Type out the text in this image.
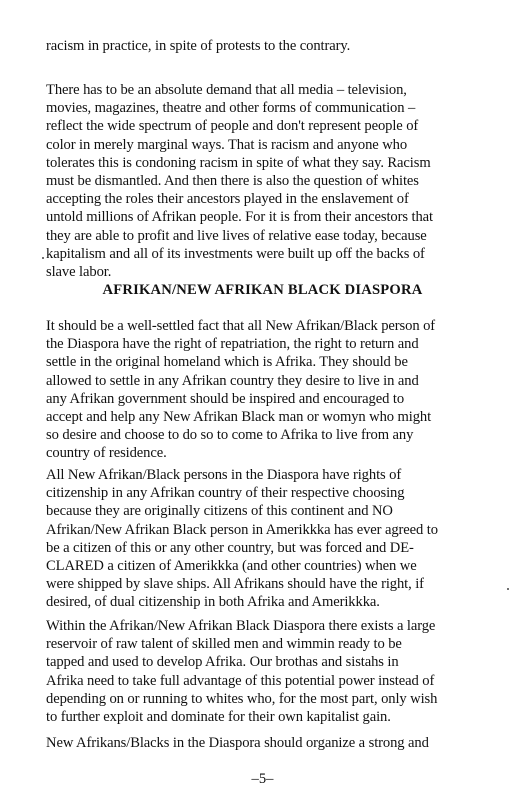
racism in practice, in spite of protests to the contrary.

There has to be an absolute demand that all media – television,
movies, magazines, theatre and other forms of communication –
reflect the wide spectrum of people and don't represent people of
color in merely marginal ways. That is racism and anyone who
tolerates this is condoning racism in spite of what they say. Racism
must be dismantled. And then there is also the question of whites
accepting the roles their ancestors played in the enslavement of
untold millions of Afrikan people. For it is from their ancestors that
they are able to profit and live lives of relative ease today, because
kapitalism and all of its investments were built up off the backs of
slave labor.

AFRIKAN/NEW AFRIKAN BLACK DIASPORA

It should be a well-settled fact that all New Afrikan/Black person of
the Diaspora have the right of repatriation, the right to return and
settle in the original homeland which is Afrika. They should be
allowed to settle in any Afrikan country they desire to live in and
any Afrikan government should be inspired and encouraged to
accept and help any New Afrikan Black man or womyn who might
so desire and choose to do so to come to Afrika to live from any
country of residence.

All New Afrikan/Black persons in the Diaspora have rights of
citizenship in any Afrikan country of their respective choosing
because they are originally citizens of this continent and NO
Afrikan/New Afrikan Black person in Amerikkka has ever agreed to
be a citizen of this or any other country, but was forced and DE-
CLARED a citizen of Amerikkka (and other countries) when we
were shipped by slave ships. All Afrikans should have the right, if
desired, of dual citizenship in both Afrika and Amerikkka.

Within the Afrikan/New Afrikan Black Diaspora there exists a large
reservoir of raw talent of skilled men and wimmin ready to be
tapped and used to develop Afrika. Our brothas and sistahs in
Afrika need to take full advantage of this potential power instead of
depending on or running to whites who, for the most part, only wish
to further exploit and dominate for their own kapitalist gain.

New Afrikans/Blacks in the Diaspora should organize a strong and

–5–
